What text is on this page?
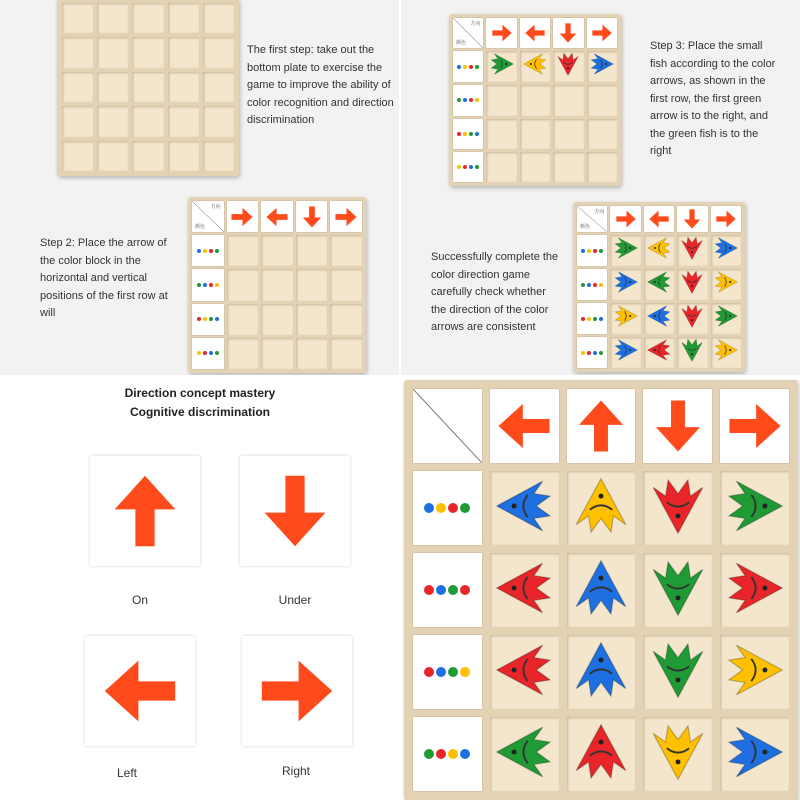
The first step: take out the bottom plate to exercise the game to improve the ability of color recognition and direction discrimination
方向
颜色
Step 2: Place the arrow of the color block in the horizontal and vertical positions of the first row at will
方向
颜色	Step 3: Place the small fish according to the color arrows, as shown in the first row, the first green arrow is to the right, and the green fish is to the right
方向
颜色
Successfully complete the color direction game carefully check whether the direction of the color arrows are consistent
Direction concept mastery
Cognitive discrimination
On	Under
Left	Right
